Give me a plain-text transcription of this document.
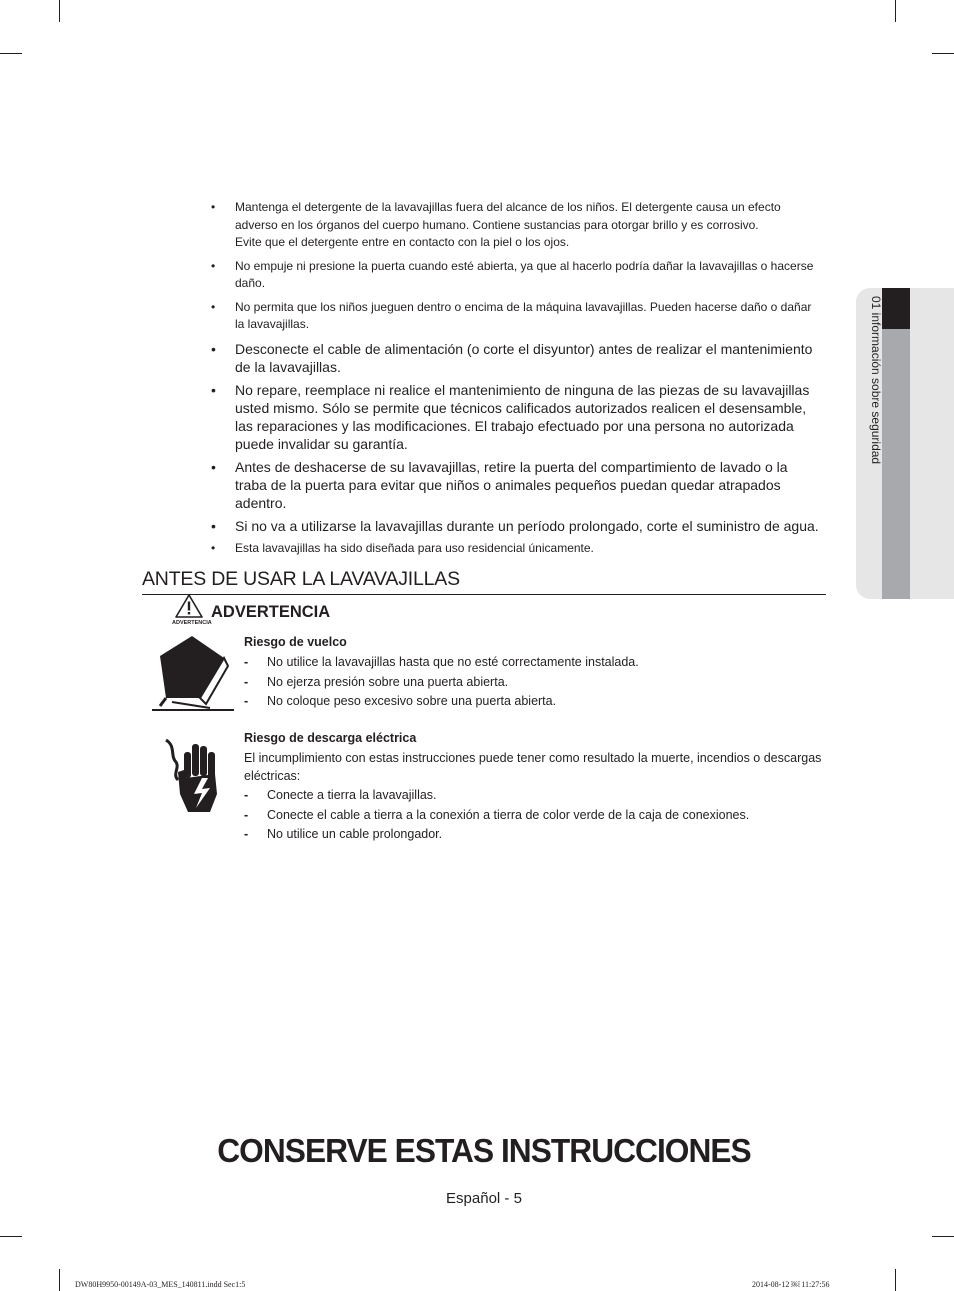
01 información sobre seguridad
• Mantenga el detergente de la lavavajillas fuera del alcance de los niños. El detergente causa un efecto
adverso en los órganos del cuerpo humano. Contiene sustancias para otorgar brillo y es corrosivo.
Evite que el detergente entre en contacto con la piel o los ojos.
• No empuje ni presione la puerta cuando esté abierta, ya que al hacerlo podría dañar la lavavajillas o hacerse
daño.
• No permita que los niños jueguen dentro o encima de la máquina lavavajillas. Pueden hacerse daño o dañar
la lavavajillas.
• Desconecte el cable de alimentación (o corte el disyuntor) antes de realizar el mantenimiento
de la lavavajillas.
• No repare, reemplace ni realice el mantenimiento de ninguna de las piezas de su lavavajillas
usted mismo. Sólo se permite que técnicos calificados autorizados realicen el desensamble,
las reparaciones y las modificaciones. El trabajo efectuado por una persona no autorizada
puede invalidar su garantía.
• Antes de deshacerse de su lavavajillas, retire la puerta del compartimiento de lavado o la
traba de la puerta para evitar que niños o animales pequeños puedan quedar atrapados
adentro.
• Si no va a utilizarse la lavavajillas durante un período prolongado, corte el suministro de agua.
• Esta lavavajillas ha sido diseñada para uso residencial únicamente.
ANTES DE USAR LA LAVAVAJILLAS
ADVERTENCIA
ADVERTENCIA
Riesgo de vuelco
- No utilice la lavavajillas hasta que no esté correctamente instalada.
- No ejerza presión sobre una puerta abierta.
- No coloque peso excesivo sobre una puerta abierta.
Riesgo de descarga eléctrica

El incumplimiento con estas instrucciones puede tener como resultado la muerte, incendios o descargas eléctricas:

- Conecte a tierra la lavavajillas.
- Conecte el cable a tierra a la conexión a tierra de color verde de la caja de conexiones.
- No utilice un cable prolongador.
CONSERVE ESTAS INSTRUCCIONES
Español - 5
DW80H9950-00149A-03_MES_140811.indd Sec1:5	2014-08-12 ￼ 11:27:56
